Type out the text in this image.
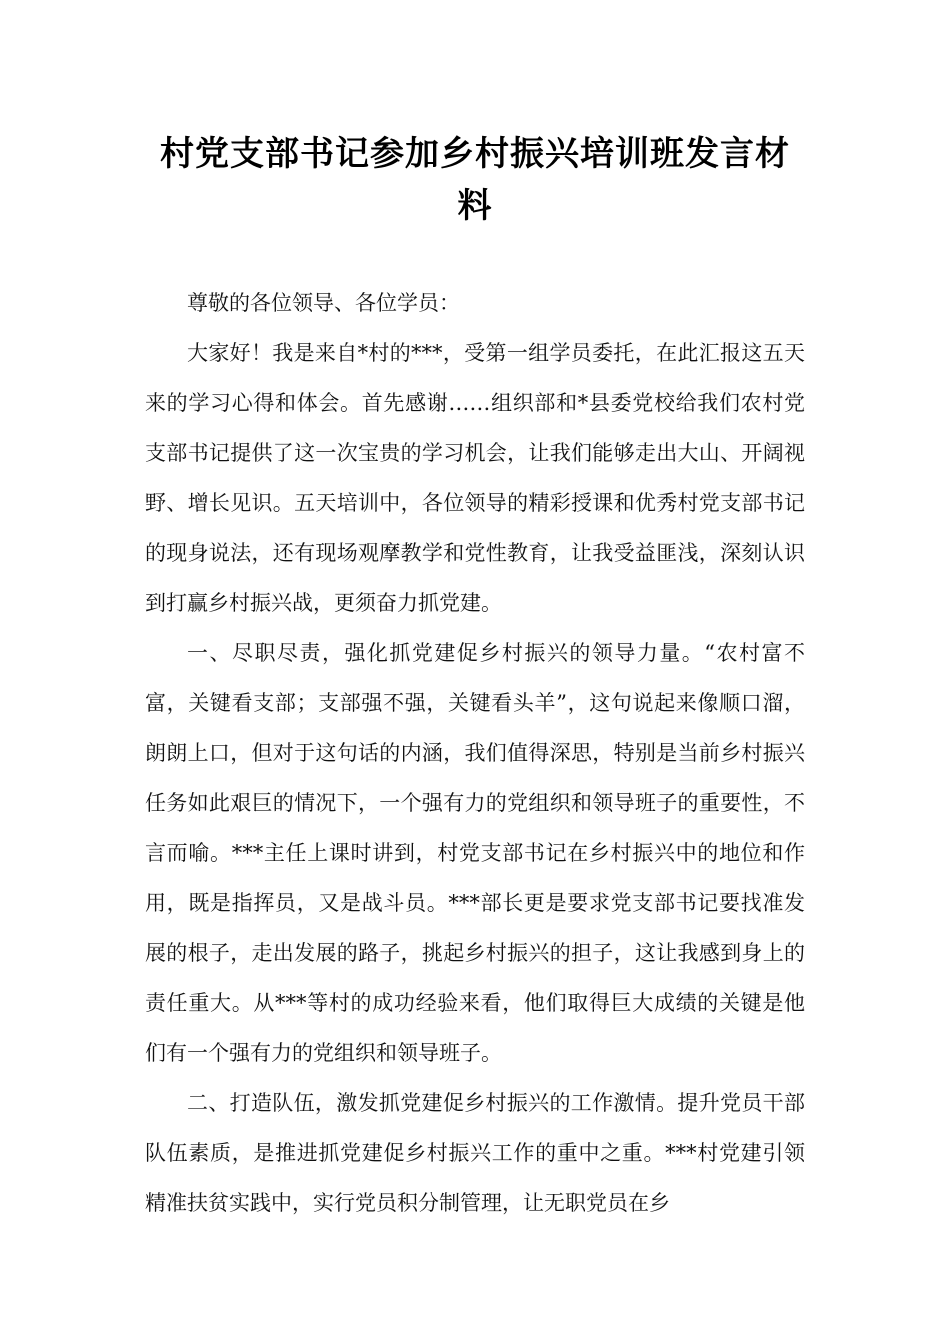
村党支部书记参加乡村振兴培训班发言材料

尊敬的各位领导、各位学员：

大家好！我是来自*村的***，受第一组学员委托，在此汇报这五天来的学习心得和体会。首先感谢……组织部和*县委党校给我们农村党支部书记提供了这一次宝贵的学习机会，让我们能够走出大山、开阔视野、增长见识。五天培训中，各位领导的精彩授课和优秀村党支部书记的现身说法，还有现场观摩教学和党性教育，让我受益匪浅，深刻认识到打赢乡村振兴战，更须奋力抓党建。

一、尽职尽责，强化抓党建促乡村振兴的领导力量。“农村富不富，关键看支部；支部强不强，关键看头羊”，这句说起来像顺口溜，朗朗上口，但对于这句话的内涵，我们值得深思，特别是当前乡村振兴任务如此艰巨的情况下，一个强有力的党组织和领导班子的重要性，不言而喻。***主任上课时讲到，村党支部书记在乡村振兴中的地位和作用，既是指挥员，又是战斗员。***部长更是要求党支部书记要找准发展的根子，走出发展的路子，挑起乡村振兴的担子，这让我感到身上的责任重大。从***等村的成功经验来看，他们取得巨大成绩的关键是他们有一个强有力的党组织和领导班子。

二、打造队伍，激发抓党建促乡村振兴的工作激情。提升党员干部队伍素质，是推进抓党建促乡村振兴工作的重中之重。***村党建引领精准扶贫实践中，实行党员积分制管理，让无职党员在乡
